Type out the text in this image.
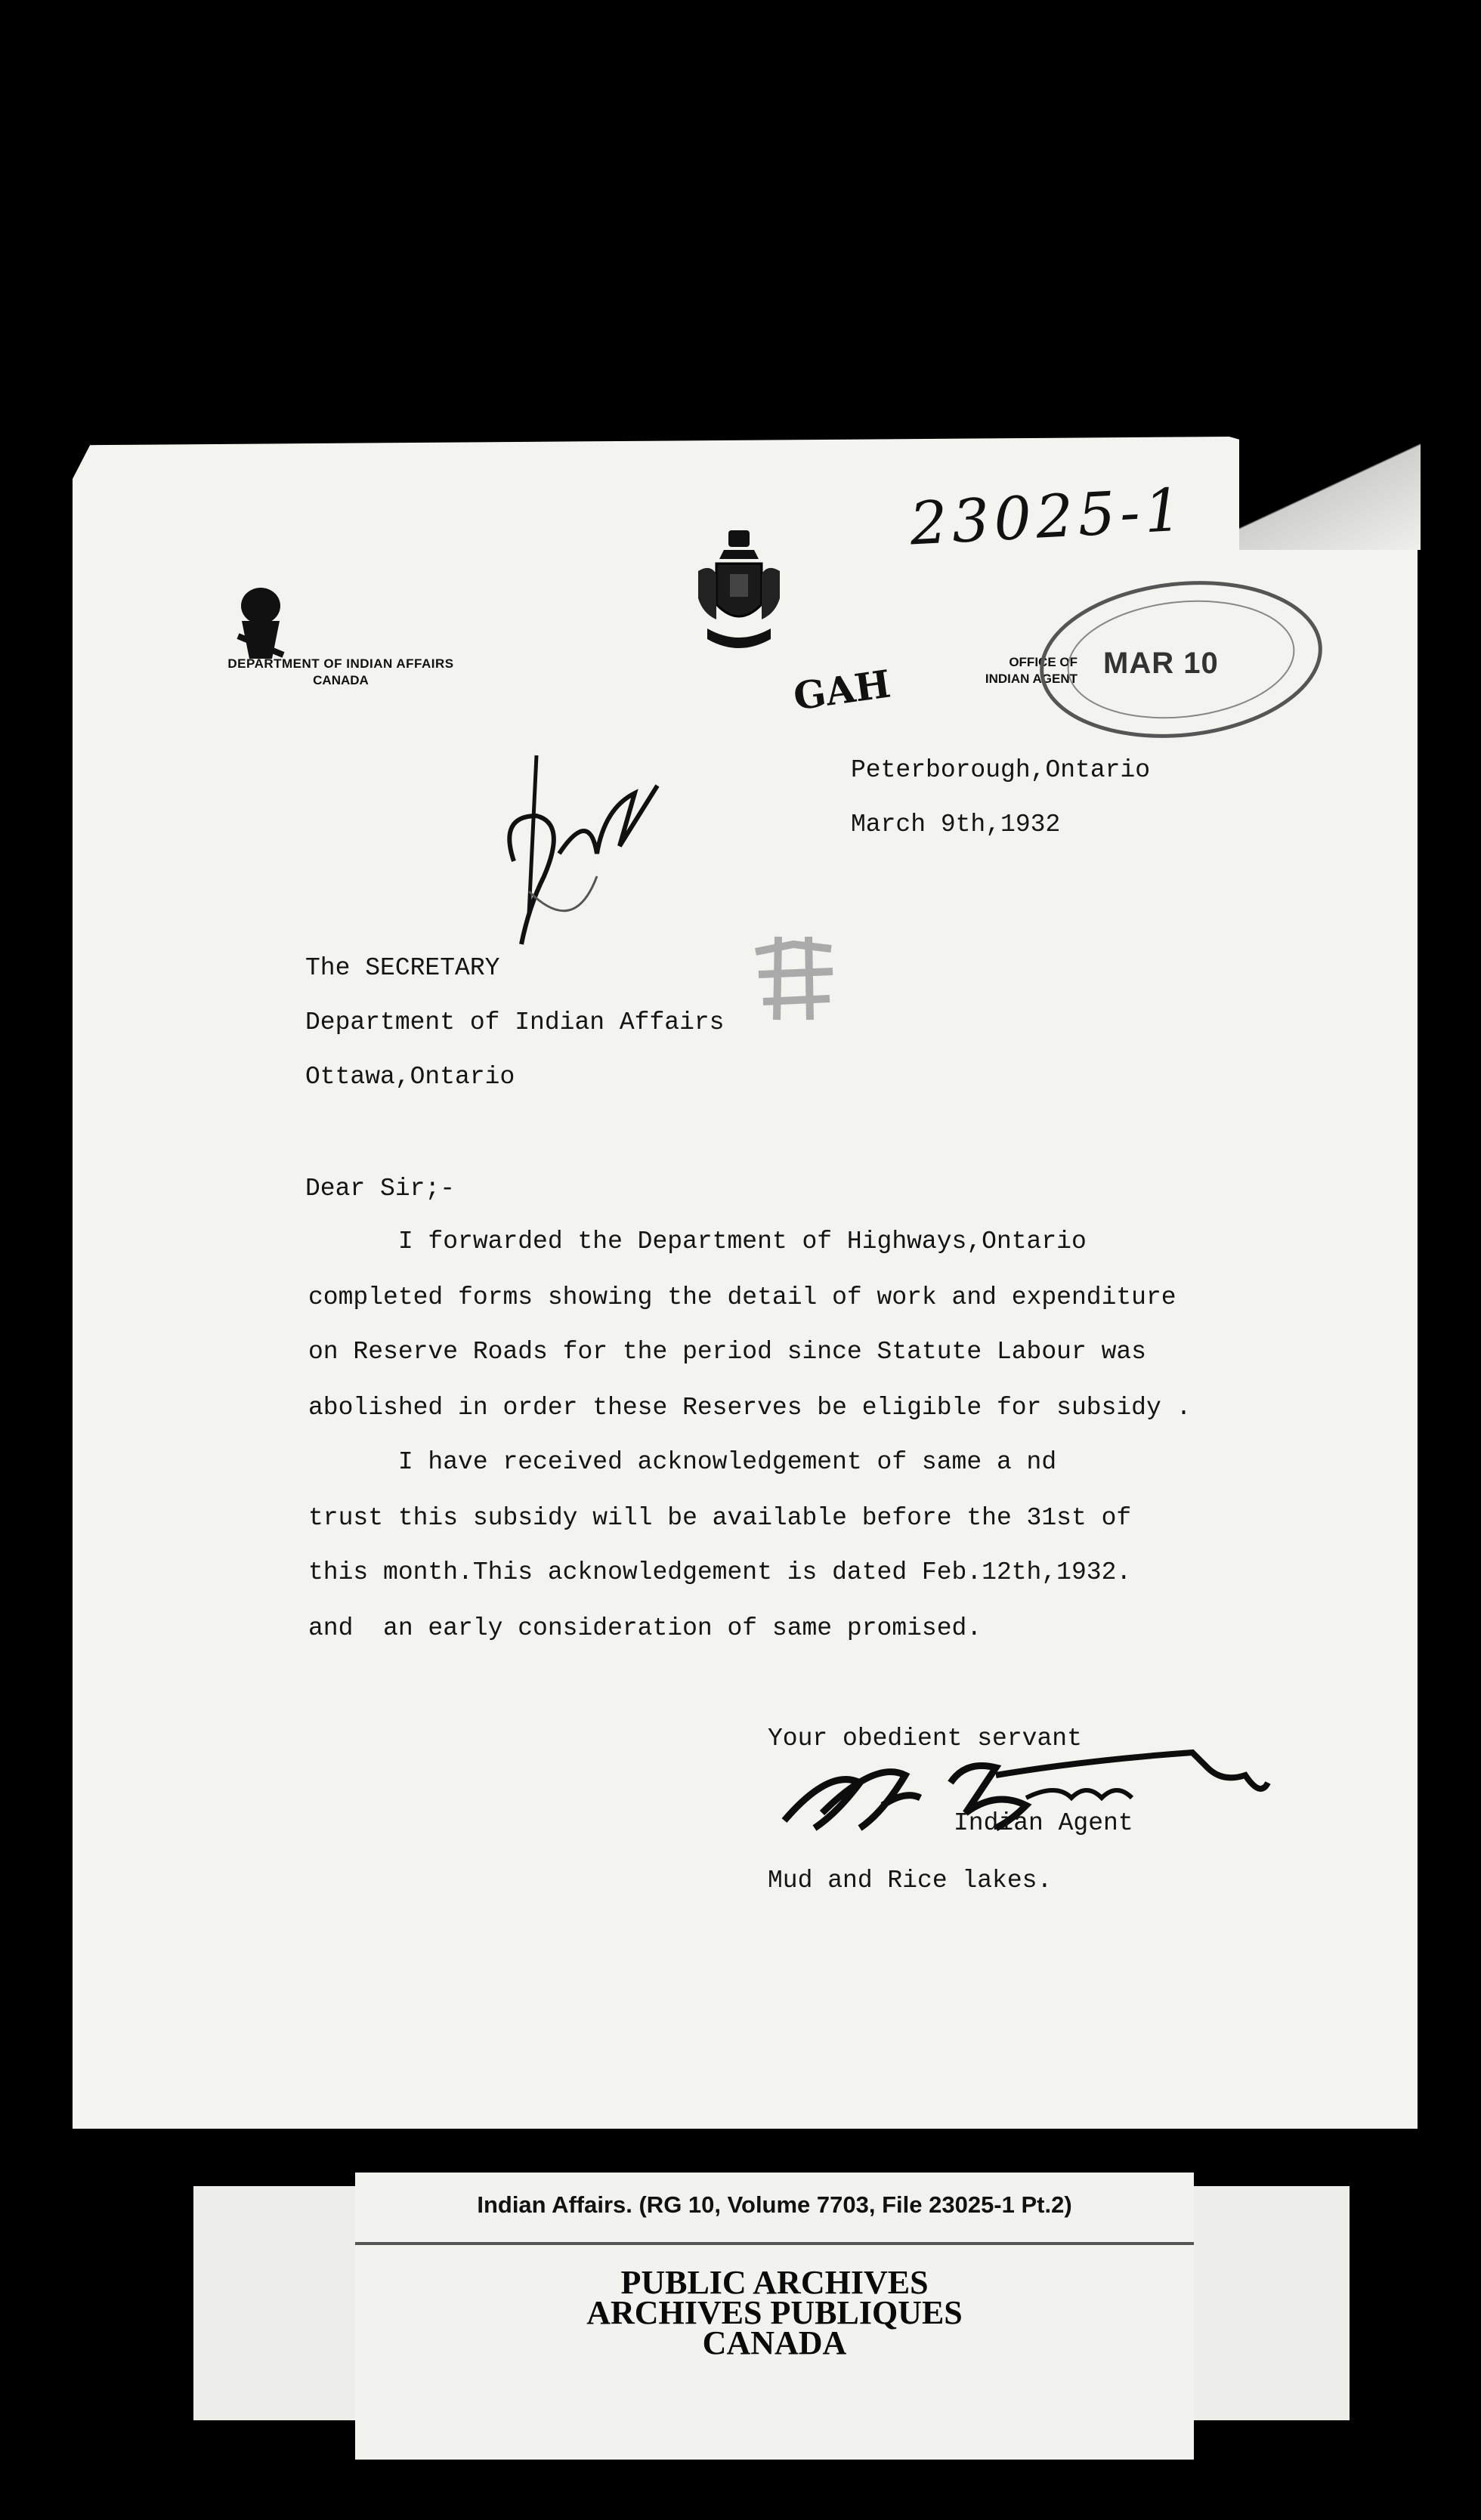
23025-1
DEPARTMENT OF INDIAN AFFAIRS
CANADA
OFFICE OF
INDIAN AGENT MAR 10
GAH
Peterborough,Ontario
March 9th,1932
The SECRETARY
Department of Indian Affairs
Ottawa,Ontario
Dear Sir;-
I forwarded the Department of Highways,Ontario
completed forms showing the detail of work and expenditure
on Reserve Roads for the period since Statute Labour was
abolished in order these Reserves be eligible for subsidy .
I have received acknowledgement of same a nd
trust this subsidy will be available before the 31st of
this month.This acknowledgement is dated Feb.12th,1932.
and  an early consideration of same promised.
Your obedient servant
Indian Agent
Mud and Rice lakes.
Indian Affairs. (RG 10, Volume 7703, File 23025-1 Pt.2)
PUBLIC ARCHIVES
ARCHIVES PUBLIQUES
CANADA
